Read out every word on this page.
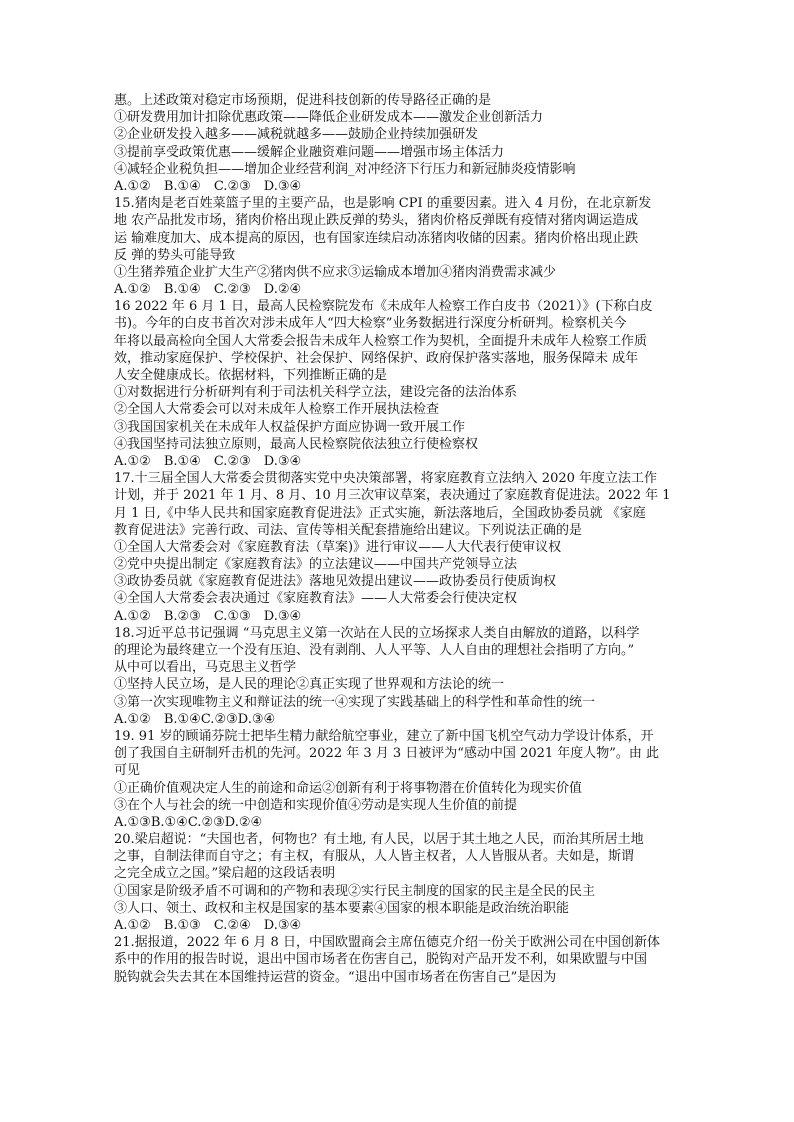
惠。上述政策对稳定市场预期，促进科技创新的传导路径正确的是
①研发费用加计扣除优惠政策——降低企业研发成本——激发企业创新活力
②企业研发投入越多——减税就越多——鼓励企业持续加强研发
③提前享受政策优惠——缓解企业融资难问题——增强市场主体活力
④减轻企业税负担——增加企业经营利润_对冲经济下行压力和新冠肺炎疫情影响
A.①②　B.①④　C.②③　D.③④
15.猪肉是老百姓菜篮子里的主要产品，也是影响 CPI 的重要因素。进入 4 月份，在北京新发
地 农产品批发市场，猪肉价格出现止跌反弹的势头，猪肉价格反弹既有疫情对猪肉调运造成
运 输难度加大、成本提高的原因，也有国家连续启动冻猪肉收储的因素。猪肉价格出现止跌
反 弹的势头可能导致
①生猪养殖企业扩大生产②猪肉供不应求③运输成本增加④猪肉消费需求减少
A.①②　B.①④　C.②③　D.②④
16 2022 年 6 月 1 日，最高人民检察院发布《未成年人检察工作白皮书（2021）》(下称白皮
书)。今年的白皮书首次对涉未成年人“四大检察”业务数据进行深度分析研判。检察机关今
年将以最高检向全国人大常委会报告未成年人检察工作为契机，全面提升未成年人检察工作质
效，推动家庭保护、学校保护、社会保护、网络保护、政府保护落实落地，服务保障未 成年
人安全健康成长。依据材料，下列推断正确的是
①对数据进行分析研判有利于司法机关科学立法，建设完备的法治体系
②全国人大常委会可以对未成年人检察工作开展执法检查
③我国国家机关在未成年人权益保护方面应协调一致开展工作
④我国坚持司法独立原则，最高人民检察院依法独立行使检察权
A.①②　B.①④　C.②③　D.③④
17.十三届全国人大常委会贯彻落实党中央决策部署，将家庭教育立法纳入 2020 年度立法工作
计划，并于 2021 年 1 月、8 月、10 月三次审议草案，表决通过了家庭教育促进法。2022 年 1
月 1 日,《中华人民共和国家庭教育促进法》正式实施，新法落地后，全国政协委员就 《家庭
教育促进法》完善行政、司法、宣传等相关配套措施给出建议。下列说法正确的是
①全国人大常委会对《家庭教育法（草案)》进行审议——人大代表行使审议权
②党中央提出制定《家庭教育法》的立法建议——中国共产党领导立法
③政协委员就《家庭教育促进法》落地见效提出建议——政协委员行使质询权
④全国人大常委会表决通过《家庭教育法》——人大常委会行使决定权
A.①②　B.②③　C.①③　D.③④
18.习近平总书记强调 “马克思主义第一次站在人民的立场探求人类自由解放的道路，以科学
的理论为最终建立一个没有压迫、没有剥削、人人平等、人人自由的理想社会指明了方向。”
从中可以看出，马克思主义哲学
①坚持人民立场，是人民的理论②真正实现了世界观和方法论的统一
③第一次实现唯物主义和辩证法的统一④实现了实践基础上的科学性和革命性的统一
A.①②　B.①④C.②③D.③④
19. 91 岁的顾诵芬院士把毕生精力献给航空事业，建立了新中国飞机空气动力学设计体系，开
创了我国自主研制歼击机的先河。2022 年 3 月 3 日被评为“感动中国 2021 年度人物”。由 此
可见
①正确价值观决定人生的前途和命运②创新有利于将事物潜在价值转化为现实价值
③在个人与社会的统一中创造和实现价值④劳动是实现人生价值的前提
A.①③B.①④C.②③D.②④
20.梁启超说：“夫国也者，何物也？有土地, 有人民，以居于其土地之人民，而治其所居土地
之事，自制法律而自守之；有主权，有服从，人人皆主权者，人人皆服从者。夫如是，斯谓
之完全成立之国。”梁启超的这段话表明
①国家是阶级矛盾不可调和的产物和表现②实行民主制度的国家的民主是全民的民主
③人口、领土、政权和主权是国家的基本要素④国家的根本职能是政治统治职能
A.①②　B.①③　C.②④　D.③④
21.据报道，2022 年 6 月 8 日，中国欧盟商会主席伍德克介绍一份关于欧洲公司在中国创新体
系中的作用的报告时说，退出中国市场者在伤害自己，脱钩对产品开发不利，如果欧盟与中国
脱钩就会失去其在本国维持运营的资金。“退出中国市场者在伤害自己”是因为
